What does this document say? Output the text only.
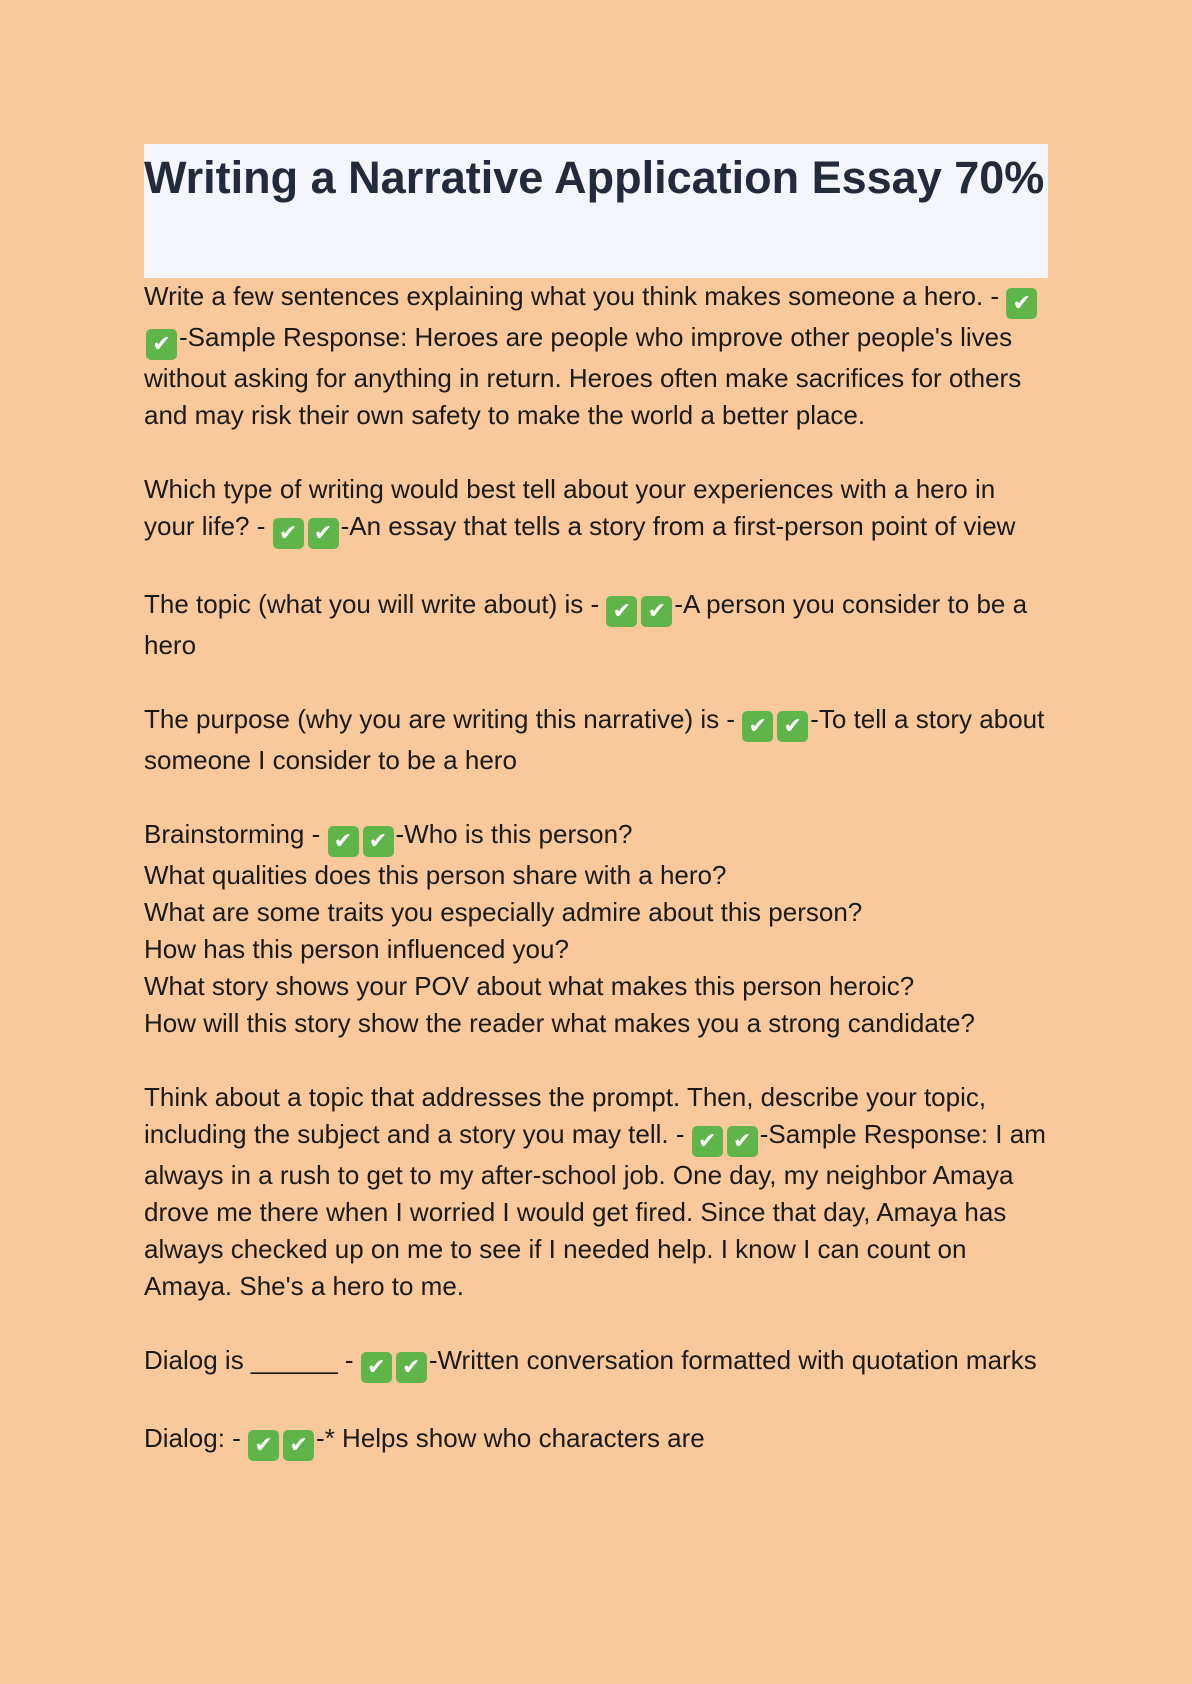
Writing a Narrative Application Essay 70%

Write a few sentences explaining what you think makes someone a hero. - ✔✔ -Sample Response: Heroes are people who improve other people's lives without asking for anything in return. Heroes often make sacrifices for others and may risk their own safety to make the world a better place.

Which type of writing would best tell about your experiences with a hero in your life? - ✔ ✔ -An essay that tells a story from a first-person point of view

The topic (what you will write about) is - ✔ ✔ -A person you consider to be a hero

The purpose (why you are writing this narrative) is - ✔ ✔ -To tell a story about someone I consider to be a hero

Brainstorming - ✔ ✔ -Who is this person?
What qualities does this person share with a hero?
What are some traits you especially admire about this person?
How has this person influenced you?
What story shows your POV about what makes this person heroic?
How will this story show the reader what makes you a strong candidate?

Think about a topic that addresses the prompt. Then, describe your topic, including the subject and a story you may tell. - ✔ ✔ -Sample Response: I am always in a rush to get to my after-school job. One day, my neighbor Amaya drove me there when I worried I would get fired. Since that day, Amaya has always checked up on me to see if I needed help. I know I can count on Amaya. She's a hero to me.

Dialog is ______ - ✔ ✔ -Written conversation formatted with quotation marks

Dialog: - ✔ ✔ -* Helps show who characters are
